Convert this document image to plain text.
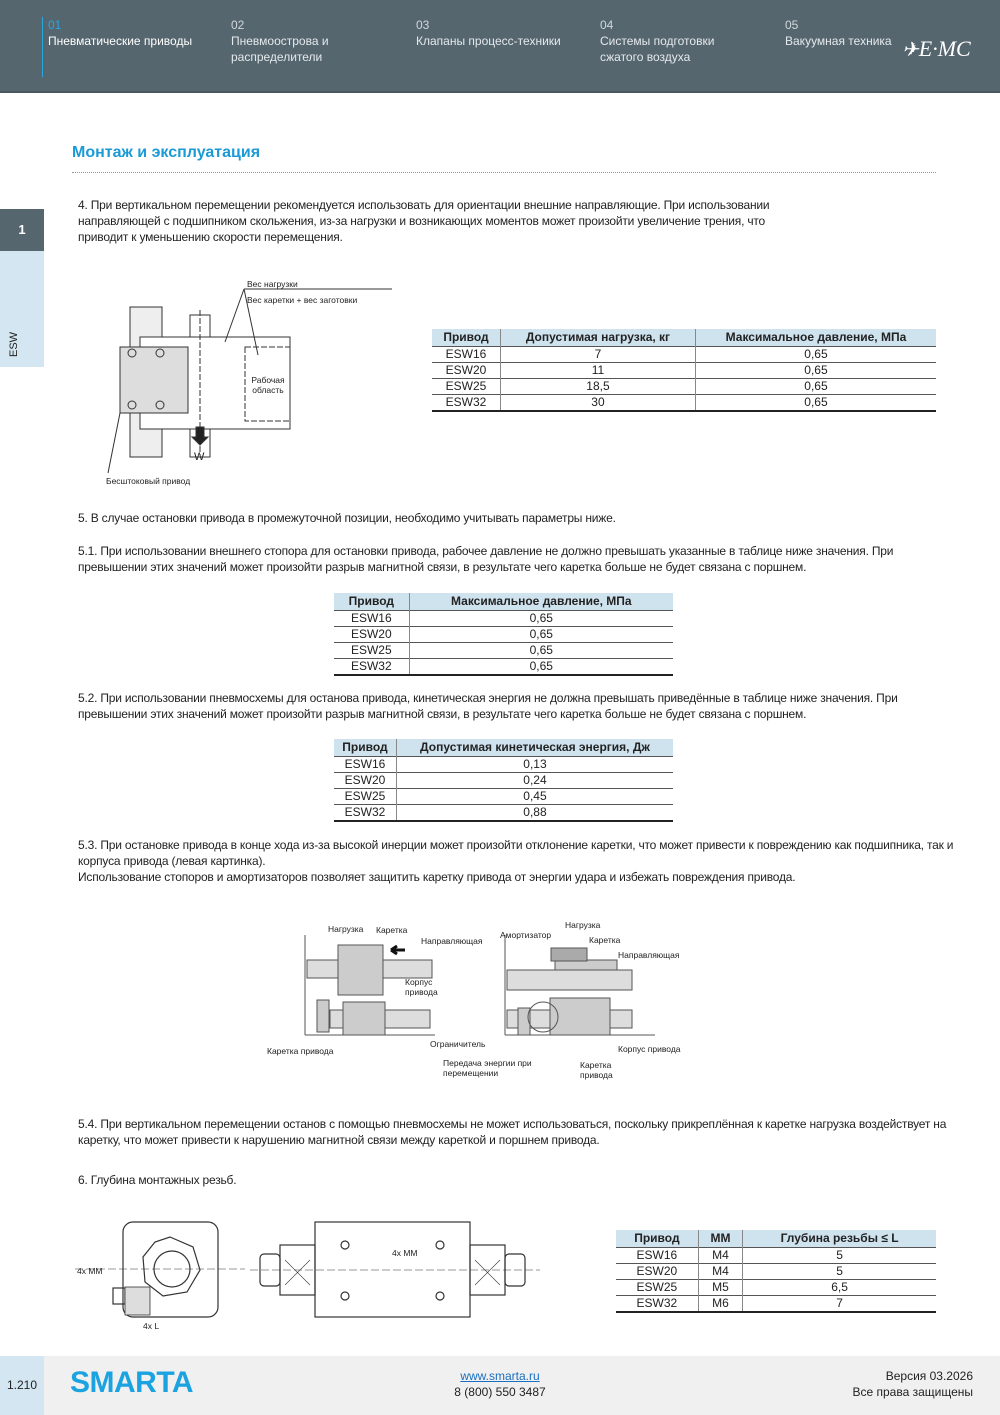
01
Пневматические приводы
02
Пневмоострова и распределители
03
Клапаны процесс-техники
04
Системы подготовки сжатого воздуха
05
Вакуумная техника ✈E·MC
1
ESW
Монтаж и эксплуатация
4. При вертикальном перемещении рекомендуется использовать для ориентации внешние направляющие. При использовании направляющей с подшипником скольжения, из-за нагрузки и возникающих моментов может произойти увеличение трения, что приводит к уменьшению скорости перемещения.
Вес нагрузки
Вес каретки + вес заготовки
Рабочая область
W
Бесштоковый привод
Привод	Допустимая нагрузка, кг	Максимальное давление, МПа
ESW16	7	0,65
ESW20	11	0,65
ESW25	18,5	0,65
ESW32	30	0,65
5. В случае остановки привода в промежуточной позиции, необходимо учитывать параметры ниже.
5.1. При использовании внешнего стопора для остановки привода, рабочее давление не должно превышать указанные в таблице ниже значения. При превышении этих значений может произойти разрыв магнитной связи, в результате чего каретка больше не будет связана с поршнем.
Привод	Максимальное давление, МПа
ESW16	0,65
ESW20	0,65
ESW25	0,65
ESW32	0,65
5.2. При использовании пневмосхемы для останова привода, кинетическая энергия не должна превышать приведённые в таблице ниже значения. При превышении этих значений может произойти разрыв магнитной связи, в результате чего каретка больше не будет связана с поршнем.
Привод	Допустимая кинетическая энергия, Дж
ESW16	0,13
ESW20	0,24
ESW25	0,45
ESW32	0,88
5.3. При остановке привода в конце хода из-за высокой инерции может произойти отклонение каретки, что может привести к повреждению как подшипника, так и корпуса привода (левая картинка).
Использование стопоров и амортизаторов позволяет защитить каретку привода от энергии удара и избежать повреждения привода.
Нагрузка Каретка
Направляющая
Корпус привода
Каретка привода
Амортизатор
Нагрузка
Каретка
Направляющая
Ограничитель
Передача энергии при перемещении
Корпус привода
Каретка привода
5.4. При вертикальном перемещении останов с помощью пневмосхемы не может использоваться, поскольку прикреплённая к каретке нагрузка воздействует на каретку, что может привести к нарушению магнитной связи между кареткой и поршнем привода.
6. Глубина монтажных резьб.
4x MM
4x L
4x MM
Привод	MM	Глубина резьбы ≤ L
ESW16	M4	5
ESW20	M4	5
ESW25	M5	6,5
ESW32	M6	7
1.210 SMARTA	www.smarta.ru
8 (800) 550 3487
Версия 03.2026
Все права защищены
